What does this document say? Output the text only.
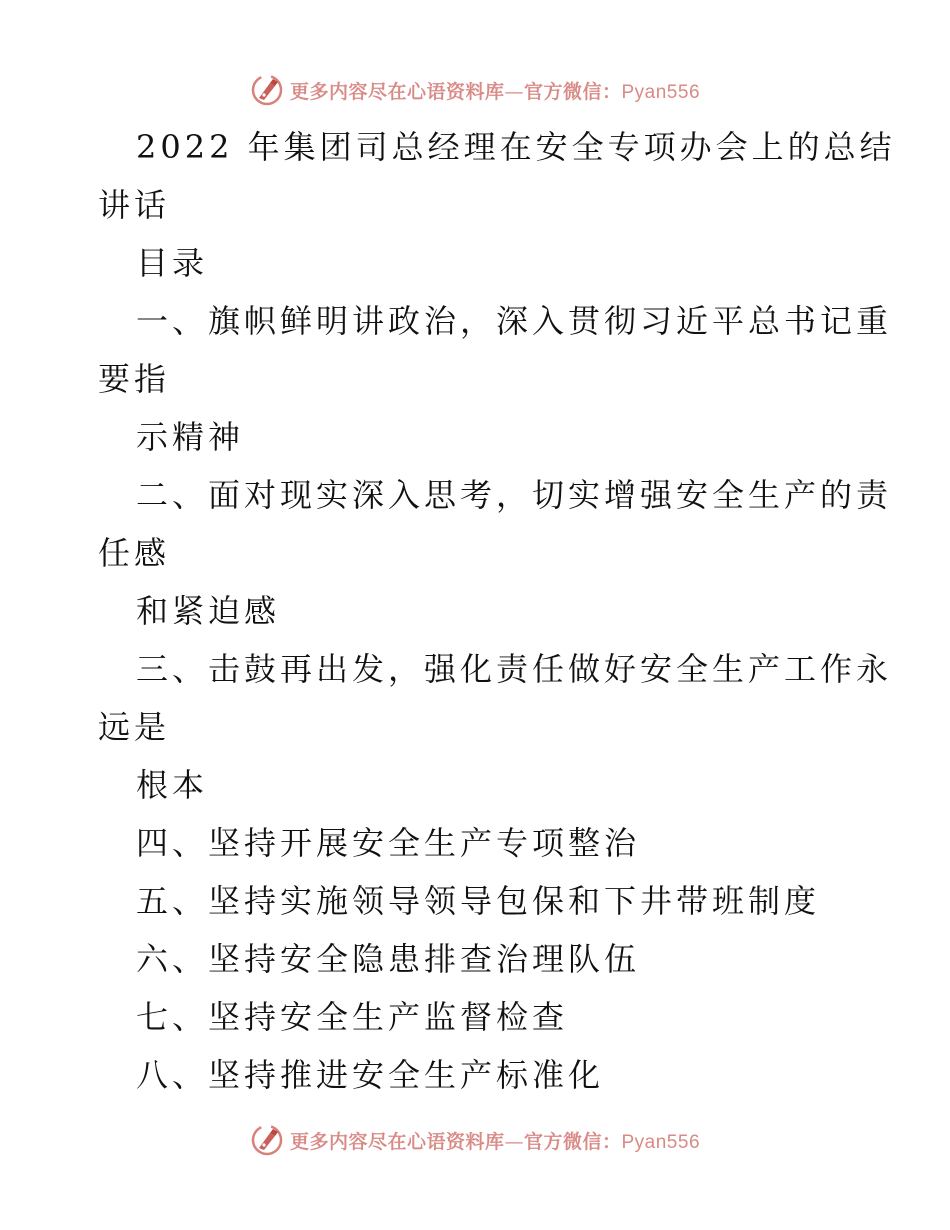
更多内容尽在心语资料库—官方微信：Pyan556
2022 年集团司总经理在安全专项办会上的总结
讲话
目录
一、旗帜鲜明讲政治，深入贯彻习近平总书记重
要指
示精神
二、面对现实深入思考，切实增强安全生产的责
任感
和紧迫感
三、击鼓再出发，强化责任做好安全生产工作永
远是
根本
四、坚持开展安全生产专项整治
五、坚持实施领导领导包保和下井带班制度
六、坚持安全隐患排查治理队伍
七、坚持安全生产监督检查
八、坚持推进安全生产标准化
更多内容尽在心语资料库—官方微信：Pyan556
